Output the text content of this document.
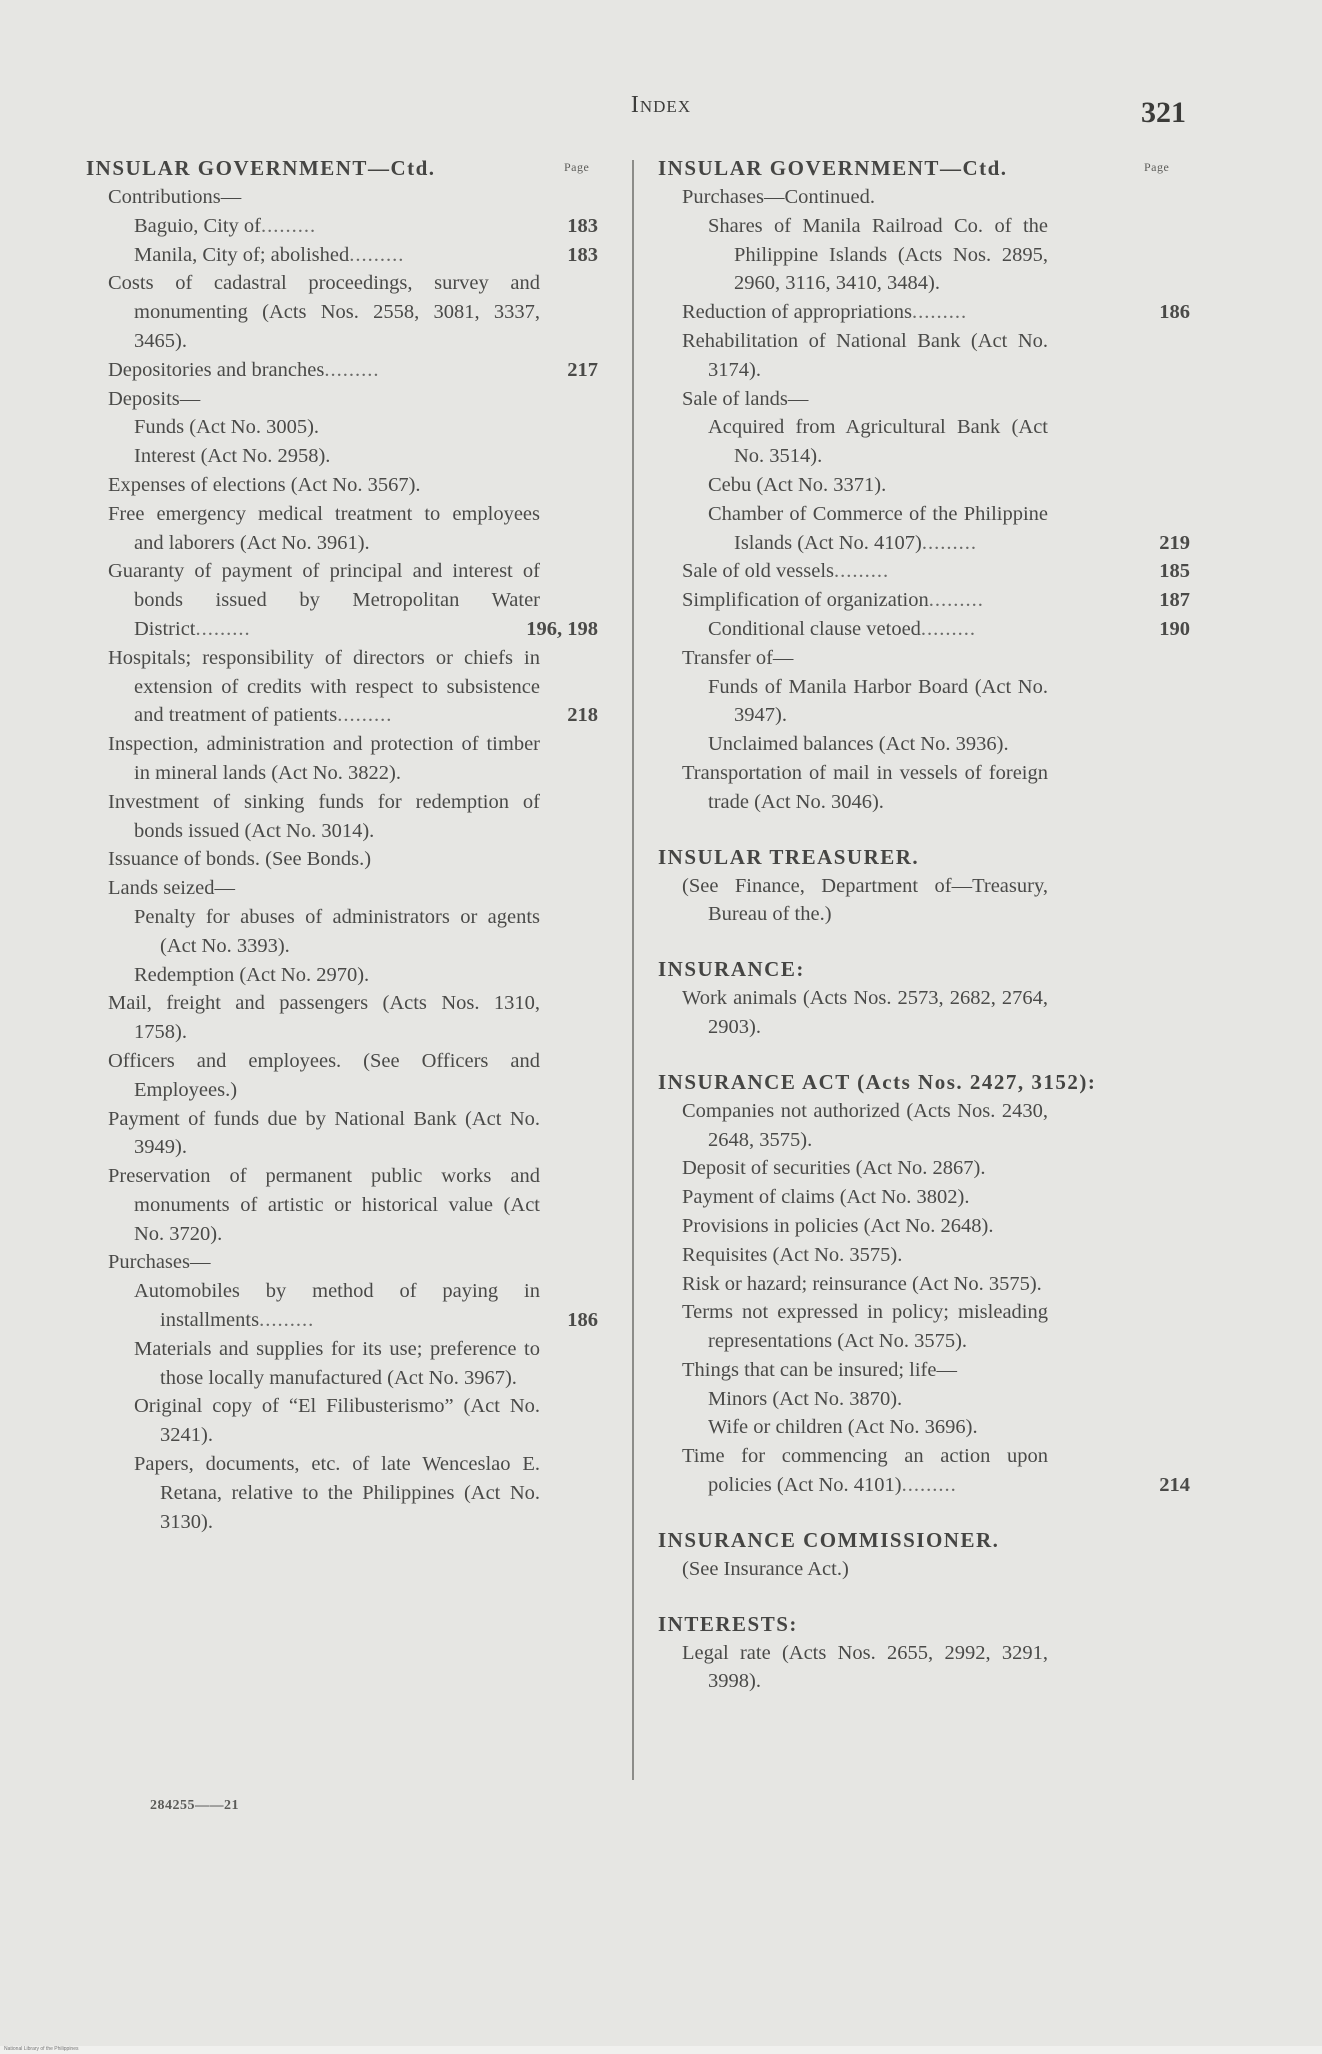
Index	321
Page
INSULAR GOVERNMENT—Ctd.
Contributions—
Baguio, City of.........	183
Manila, City of; abolished.........	183
Costs of cadastral proceedings, survey and monumenting (Acts Nos. 2558, 3081, 3337, 3465).
Depositories and branches.........	217
Deposits—
Funds (Act No. 3005).
Interest (Act No. 2958).
Expenses of elections (Act No. 3567).
Free emergency medical treatment to employees and laborers (Act No. 3961).
Guaranty of payment of principal and interest of bonds issued by Metropolitan Water District.........	196, 198
Hospitals; responsibility of directors or chiefs in extension of credits with respect to subsistence and treatment of patients.........	218
Inspection, administration and protection of timber in mineral lands (Act No. 3822).
Investment of sinking funds for redemption of bonds issued (Act No. 3014).
Issuance of bonds. (See Bonds.)
Lands seized—
Penalty for abuses of administrators or agents (Act No. 3393).
Redemption (Act No. 2970).
Mail, freight and passengers (Acts Nos. 1310, 1758).
Officers and employees. (See Officers and Employees.)
Payment of funds due by National Bank (Act No. 3949).
Preservation of permanent public works and monuments of artistic or historical value (Act No. 3720).
Purchases—
Automobiles by method of paying in installments.........	186
Materials and supplies for its use; preference to those locally manufactured (Act No. 3967).
Original copy of “El Filibusterismo” (Act No. 3241).
Papers, documents, etc. of late Wenceslao E. Retana, relative to the Philippines (Act No. 3130).
Page
INSULAR GOVERNMENT—Ctd.
Purchases—Continued.
Shares of Manila Railroad Co. of the Philippine Islands (Acts Nos. 2895, 2960, 3116, 3410, 3484).
Reduction of appropriations.........	186
Rehabilitation of National Bank (Act No. 3174).
Sale of lands—
Acquired from Agricultural Bank (Act No. 3514).
Cebu (Act No. 3371).
Chamber of Commerce of the Philippine Islands (Act No. 4107).........	219
Sale of old vessels.........	185
Simplification of organization.........	187
Conditional clause vetoed.........	190
Transfer of—
Funds of Manila Harbor Board (Act No. 3947).
Unclaimed balances (Act No. 3936).
Transportation of mail in vessels of foreign trade (Act No. 3046).
INSULAR TREASURER.
(See Finance, Department of—Treasury, Bureau of the.)
INSURANCE:
Work animals (Acts Nos. 2573, 2682, 2764, 2903).
INSURANCE ACT (Acts Nos. 2427, 3152):
Companies not authorized (Acts Nos. 2430, 2648, 3575).
Deposit of securities (Act No. 2867).
Payment of claims (Act No. 3802).
Provisions in policies (Act No. 2648).
Requisites (Act No. 3575).
Risk or hazard; reinsurance (Act No. 3575).
Terms not expressed in policy; misleading representations (Act No. 3575).
Things that can be insured; life—
Minors (Act No. 3870).
Wife or children (Act No. 3696).
Time for commencing an action upon policies (Act No. 4101).........	214
INSURANCE COMMISSIONER.
(See Insurance Act.)
INTERESTS:
Legal rate (Acts Nos. 2655, 2992, 3291, 3998).
284255——21
National Library of the Philippines
